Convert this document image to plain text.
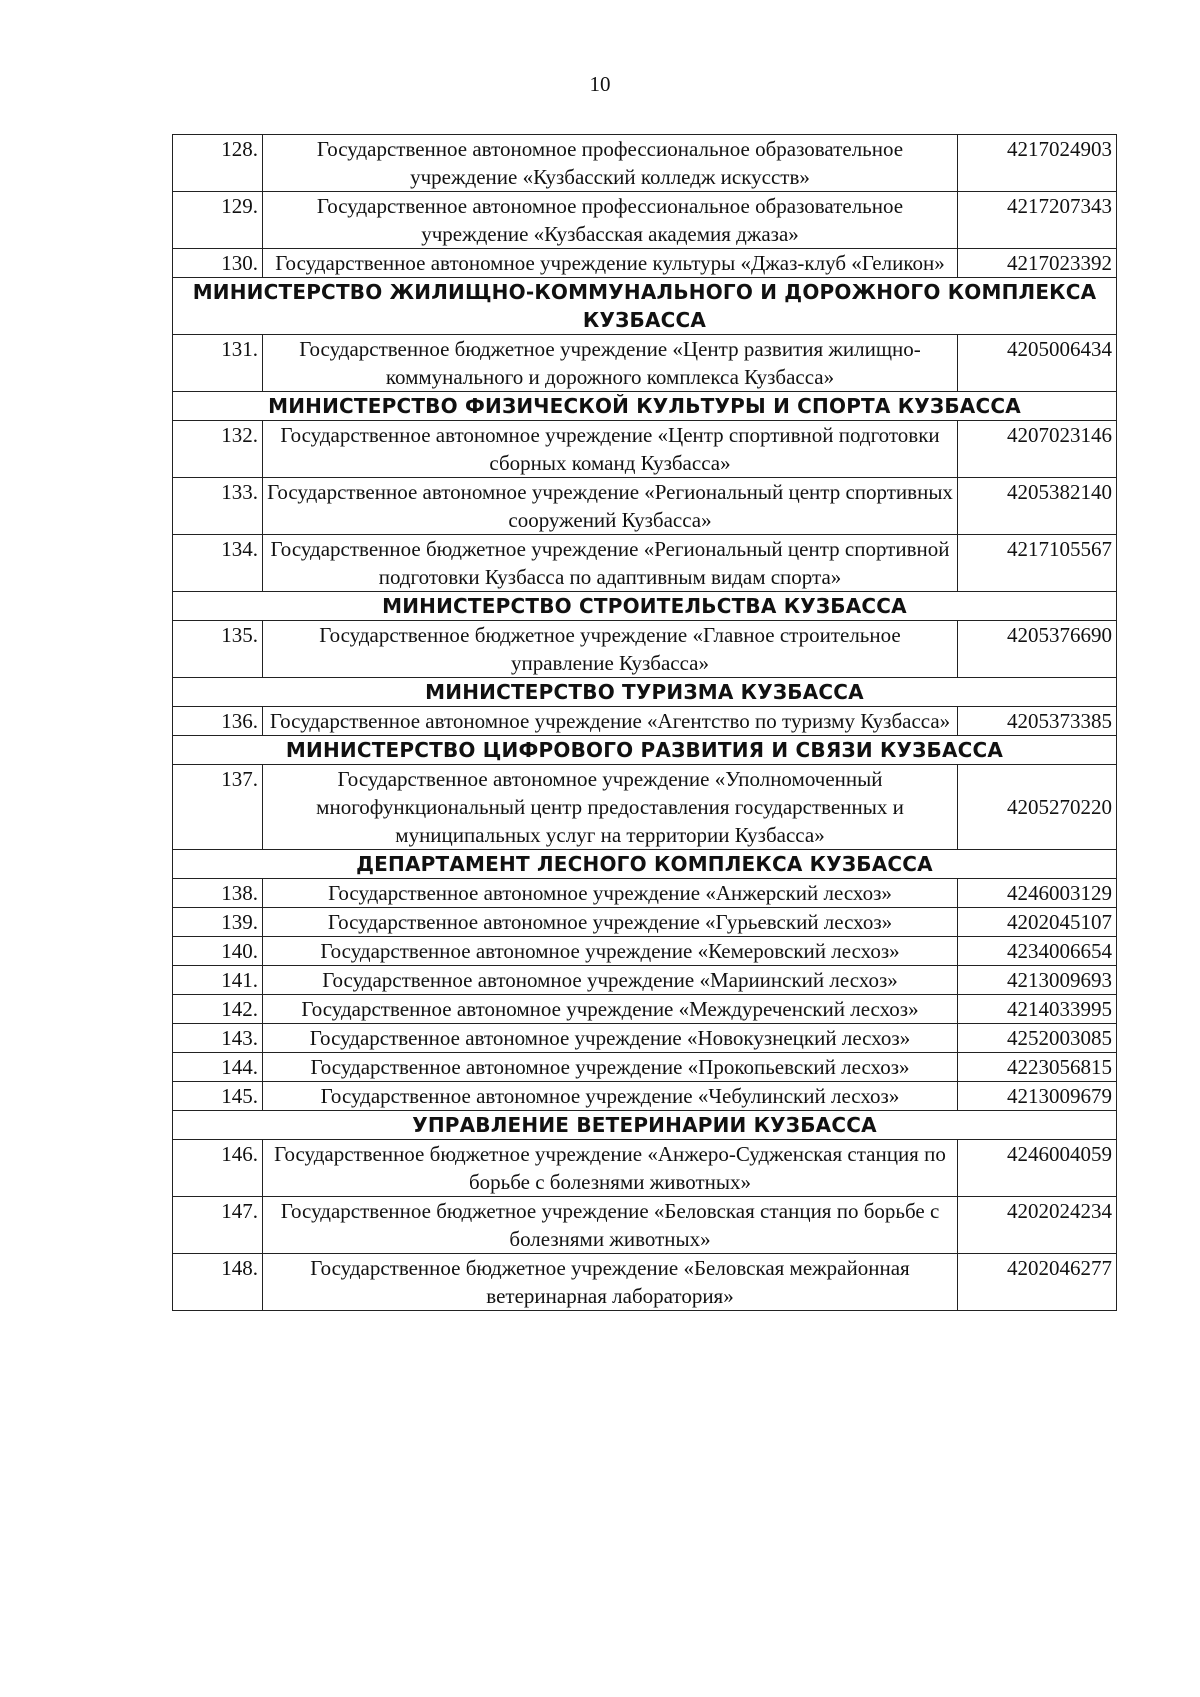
10
128.	Государственное автономное профессиональное образовательное учреждение «Кузбасский колледж искусств»	4217024903
129.	Государственное автономное профессиональное образовательное учреждение «Кузбасская академия джаза»	4217207343
130.	Государственное автономное учреждение культуры «Джаз-клуб «Геликон»	4217023392
МИНИСТЕРСТВО ЖИЛИЩНО-КОММУНАЛЬНОГО И ДОРОЖНОГО КОМПЛЕКСА КУЗБАССА		
131.	Государственное бюджетное учреждение «Центр развития жилищно-коммунального и дорожного комплекса Кузбасса»	4205006434
МИНИСТЕРСТВО ФИЗИЧЕСКОЙ КУЛЬТУРЫ И СПОРТА КУЗБАССА		
132.	Государственное автономное учреждение «Центр спортивной подготовки сборных команд Кузбасса»	4207023146
133.	Государственное автономное учреждение «Региональный центр спортивных сооружений Кузбасса»	4205382140
134.	Государственное бюджетное учреждение «Региональный центр спортивной подготовки Кузбасса по адаптивным видам спорта»	4217105567
МИНИСТЕРСТВО СТРОИТЕЛЬСТВА КУЗБАССА		
135.	Государственное бюджетное учреждение «Главное строительное управление Кузбасса»	4205376690
МИНИСТЕРСТВО ТУРИЗМА КУЗБАССА		
136.	Государственное автономное учреждение «Агентство по туризму Кузбасса»	4205373385
МИНИСТЕРСТВО ЦИФРОВОГО РАЗВИТИЯ И СВЯЗИ КУЗБАССА		
137.	Государственное автономное учреждение «Уполномоченный многофункциональный центр предоставления государственных и муниципальных услуг на территории Кузбасса»	4205270220
ДЕПАРТАМЕНТ ЛЕСНОГО КОМПЛЕКСА КУЗБАССА		
138.	Государственное автономное учреждение «Анжерский лесхоз»	4246003129
139.	Государственное автономное учреждение «Гурьевский лесхоз»	4202045107
140.	Государственное автономное учреждение «Кемеровский лесхоз»	4234006654
141.	Государственное автономное учреждение «Мариинский лесхоз»	4213009693
142.	Государственное автономное учреждение «Междуреченский лесхоз»	4214033995
143.	Государственное автономное учреждение «Новокузнецкий лесхоз»	4252003085
144.	Государственное автономное учреждение «Прокопьевский лесхоз»	4223056815
145.	Государственное автономное учреждение «Чебулинский лесхоз»	4213009679
УПРАВЛЕНИЕ ВЕТЕРИНАРИИ КУЗБАССА		
146.	Государственное бюджетное учреждение «Анжеро-Судженская станция по борьбе с болезнями животных»	4246004059
147.	Государственное бюджетное учреждение «Беловская станция по борьбе с болезнями животных»	4202024234
148.	Государственное бюджетное учреждение «Беловская межрайонная ветеринарная лаборатория»	4202046277
